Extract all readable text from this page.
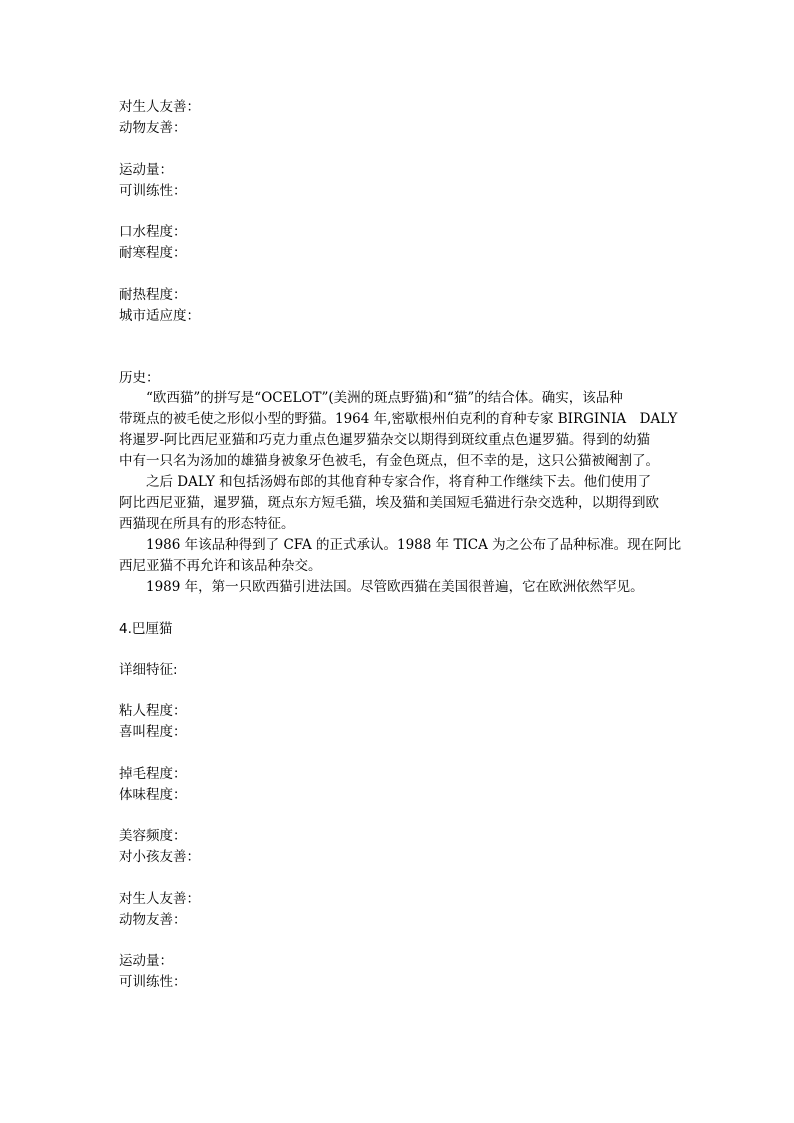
对生人友善：
动物友善：
运动量：
可训练性：
口水程度：
耐寒程度：
耐热程度：
城市适应度：
历史：
“欧西猫”的拼写是“OCELOT”(美洲的斑点野猫)和“猫”的结合体。确实，该品种
带斑点的被毛使之形似小型的野猫。1964 年,密歇根州伯克利的育种专家 BIRGINIA　DALY
将暹罗-阿比西尼亚猫和巧克力重点色暹罗猫杂交以期得到斑纹重点色暹罗猫。得到的幼猫
中有一只名为汤加的雄猫身被象牙色被毛，有金色斑点，但不幸的是，这只公猫被阉割了。
之后 DALY 和包括汤姆布郎的其他育种专家合作，将育种工作继续下去。他们使用了
阿比西尼亚猫，暹罗猫，斑点东方短毛猫，埃及猫和美国短毛猫进行杂交选种，以期得到欧
西猫现在所具有的形态特征。
1986 年该品种得到了 CFA 的正式承认。1988 年 TICA 为之公布了品种标准。现在阿比
西尼亚猫不再允许和该品种杂交。
1989 年，第一只欧西猫引进法国。尽管欧西猫在美国很普遍，它在欧洲依然罕见。
4.巴厘猫
详细特征:
粘人程度：
喜叫程度：
掉毛程度：
体味程度：
美容频度：
对小孩友善：
对生人友善：
动物友善：
运动量：
可训练性：
